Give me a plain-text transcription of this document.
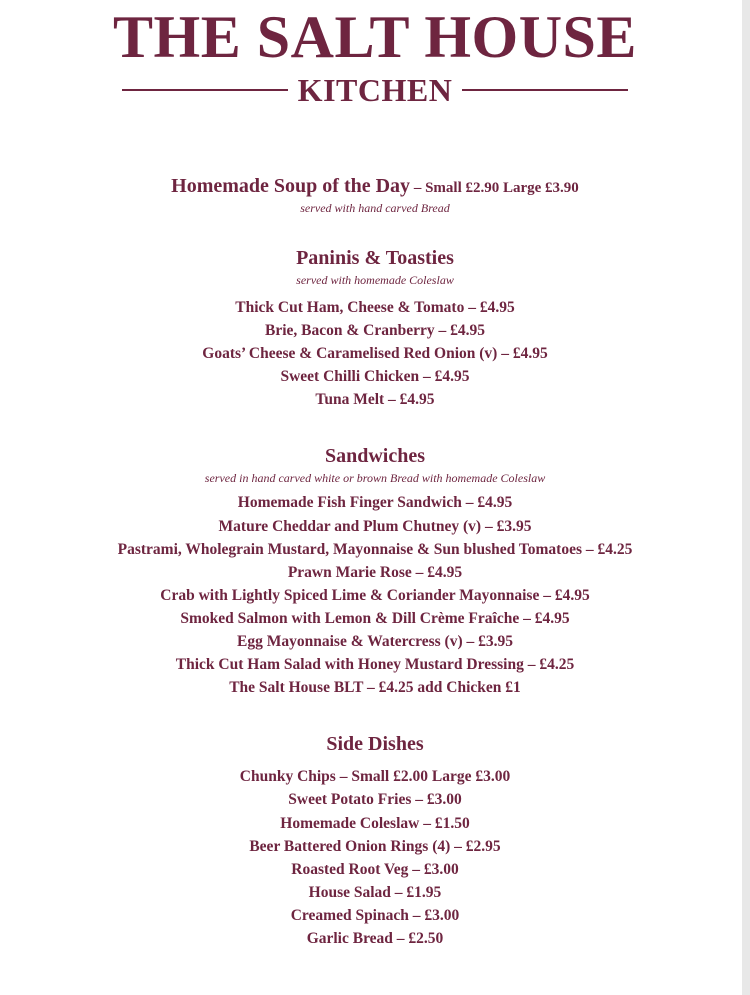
THE SALT HOUSE
KITCHEN
Homemade Soup of the Day – Small £2.90 Large £3.90
served with hand carved Bread
Paninis & Toasties
served with homemade Coleslaw
Thick Cut Ham, Cheese & Tomato – £4.95
Brie, Bacon & Cranberry – £4.95
Goats’ Cheese & Caramelised Red Onion (v) – £4.95
Sweet Chilli Chicken – £4.95
Tuna Melt – £4.95
Sandwiches
served in hand carved white or brown Bread with homemade Coleslaw
Homemade Fish Finger Sandwich – £4.95
Mature Cheddar and Plum Chutney (v) – £3.95
Pastrami, Wholegrain Mustard, Mayonnaise & Sun blushed Tomatoes – £4.25
Prawn Marie Rose – £4.95
Crab with Lightly Spiced Lime & Coriander Mayonnaise – £4.95
Smoked Salmon with Lemon & Dill Crème Fraîche – £4.95
Egg Mayonnaise & Watercress (v) – £3.95
Thick Cut Ham Salad with Honey Mustard Dressing – £4.25
The Salt House BLT – £4.25 add Chicken £1
Side Dishes
Chunky Chips – Small £2.00 Large £3.00
Sweet Potato Fries – £3.00
Homemade Coleslaw – £1.50
Beer Battered Onion Rings (4) – £2.95
Roasted Root Veg – £3.00
House Salad – £1.95
Creamed Spinach – £3.00
Garlic Bread – £2.50
